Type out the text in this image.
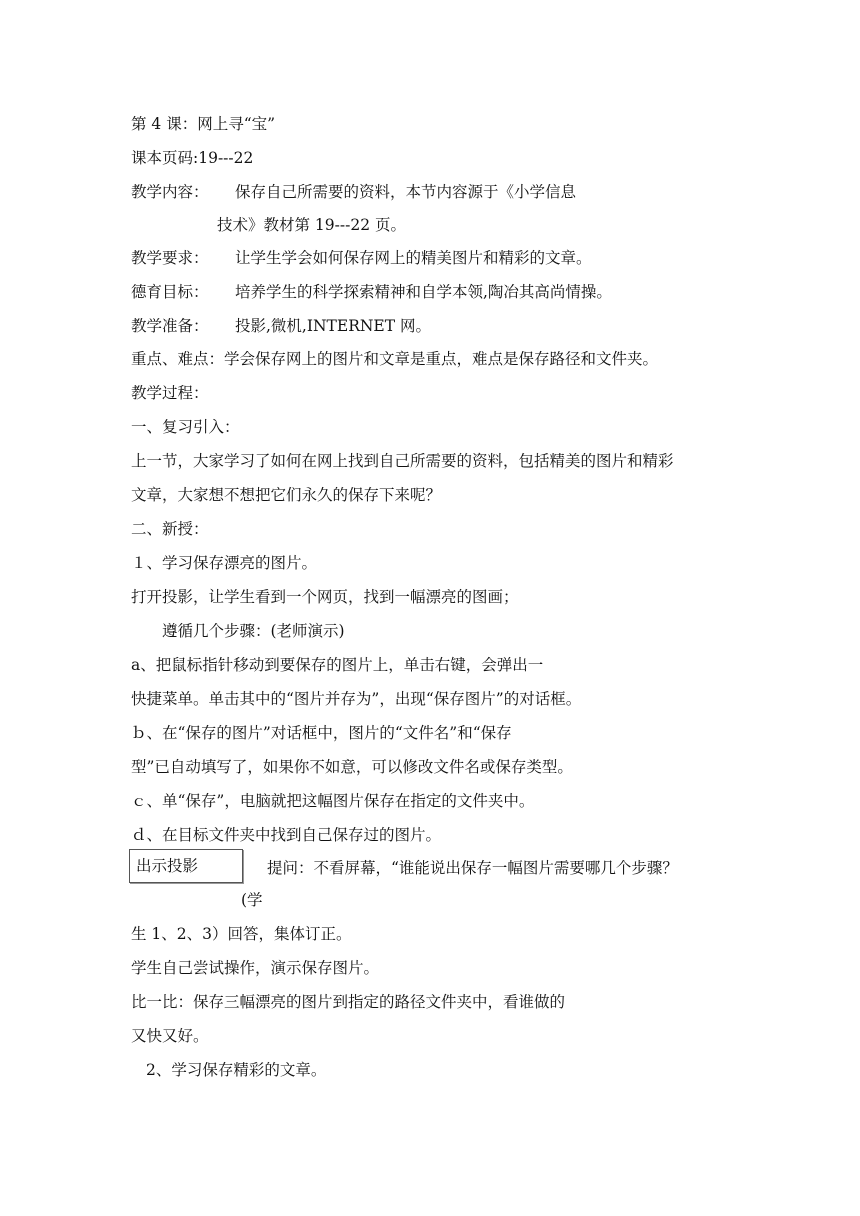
第 4 课：网上寻“宝”
课本页码:19---22
教学内容： 保存自己所需要的资料，本节内容源于《小学信息
技术》教材第 19---22 页。
教学要求： 让学生学会如何保存网上的精美图片和精彩的文章。
德育目标： 培养学生的科学探索精神和自学本领,陶冶其高尚情操。
教学准备： 投影,微机,INTERNET 网。
重点、难点：学会保存网上的图片和文章是重点，难点是保存路径和文件夹。
教学过程：
一、复习引入：
上一节，大家学习了如何在网上找到自己所需要的资料，包括精美的图片和精彩
文章，大家想不想把它们永久的保存下来呢？
二、新授：
１、学习保存漂亮的图片。
打开投影，让学生看到一个网页，找到一幅漂亮的图画；
遵循几个步骤：(老师演示)
a、把鼠标指针移动到要保存的图片上，单击右键，会弹出一
快捷菜单。单击其中的“图片并存为”，出现“保存图片”的对话框。
ｂ、在“保存的图片”对话框中，图片的“文件名”和“保存
型”已自动填写了，如果你不如意，可以修改文件名或保存类型。
ｃ、单“保存”，电脑就把这幅图片保存在指定的文件夹中。
ｄ、在目标文件夹中找到自己保存过的图片。
出示投影	提问：不看屏幕，“谁能说出保存一幅图片需要哪几个步骤？
(学
生 1、2、3）回答，集体订正。
学生自己尝试操作，演示保存图片。
比一比：保存三幅漂亮的图片到指定的路径文件夹中，看谁做的
又快又好。
2、学习保存精彩的文章。
